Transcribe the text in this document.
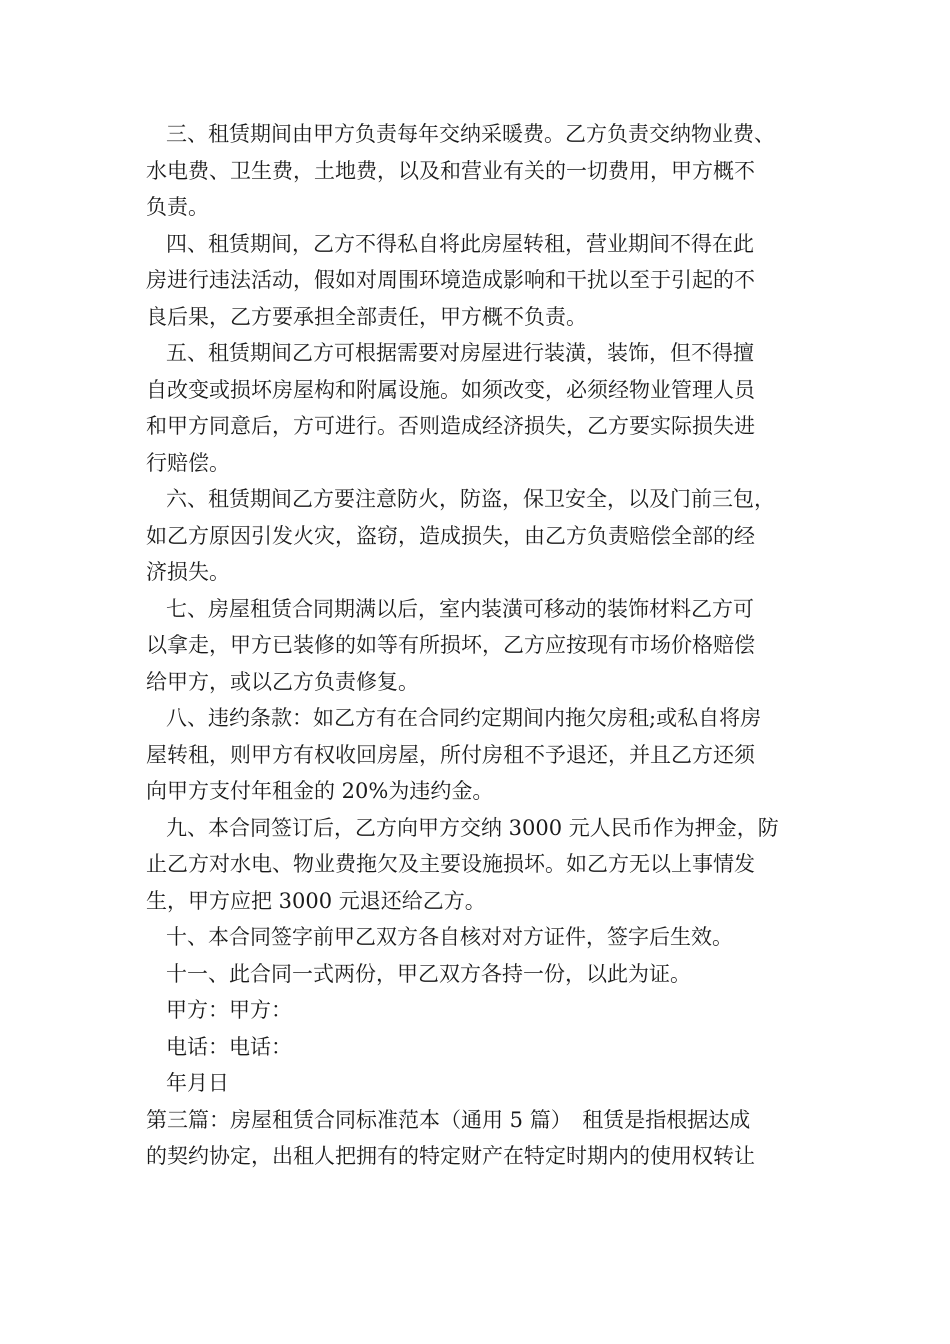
三、租赁期间由甲方负责每年交纳采暖费。乙方负责交纳物业费、
水电费、卫生费，土地费，以及和营业有关的一切费用，甲方概不
负责。
四、租赁期间，乙方不得私自将此房屋转租，营业期间不得在此
房进行违法活动，假如对周围环境造成影响和干扰以至于引起的不
良后果，乙方要承担全部责任，甲方概不负责。
五、租赁期间乙方可根据需要对房屋进行装潢，装饰，但不得擅
自改变或损坏房屋构和附属设施。如须改变，必须经物业管理人员
和甲方同意后，方可进行。否则造成经济损失，乙方要实际损失进
行赔偿。
六、租赁期间乙方要注意防火，防盗，保卫安全，以及门前三包，
如乙方原因引发火灾，盗窃，造成损失，由乙方负责赔偿全部的经
济损失。
七、房屋租赁合同期满以后，室内装潢可移动的装饰材料乙方可
以拿走，甲方已装修的如等有所损坏，乙方应按现有市场价格赔偿
给甲方，或以乙方负责修复。
八、违约条款：如乙方有在合同约定期间内拖欠房租;或私自将房
屋转租，则甲方有权收回房屋，所付房租不予退还，并且乙方还须
向甲方支付年租金的 20%为违约金。
九、本合同签订后，乙方向甲方交纳 3000 元人民币作为押金，防
止乙方对水电、物业费拖欠及主要设施损坏。如乙方无以上事情发
生，甲方应把 3000 元退还给乙方。
十、本合同签字前甲乙双方各自核对对方证件，签字后生效。
十一、此合同一式两份，甲乙双方各持一份，以此为证。
甲方：甲方：
电话：电话：
年月日
第三篇：房屋租赁合同标准范本（通用 5 篇）　租赁是指根据达成
的契约协定，出租人把拥有的特定财产在特定时期内的使用权转让
